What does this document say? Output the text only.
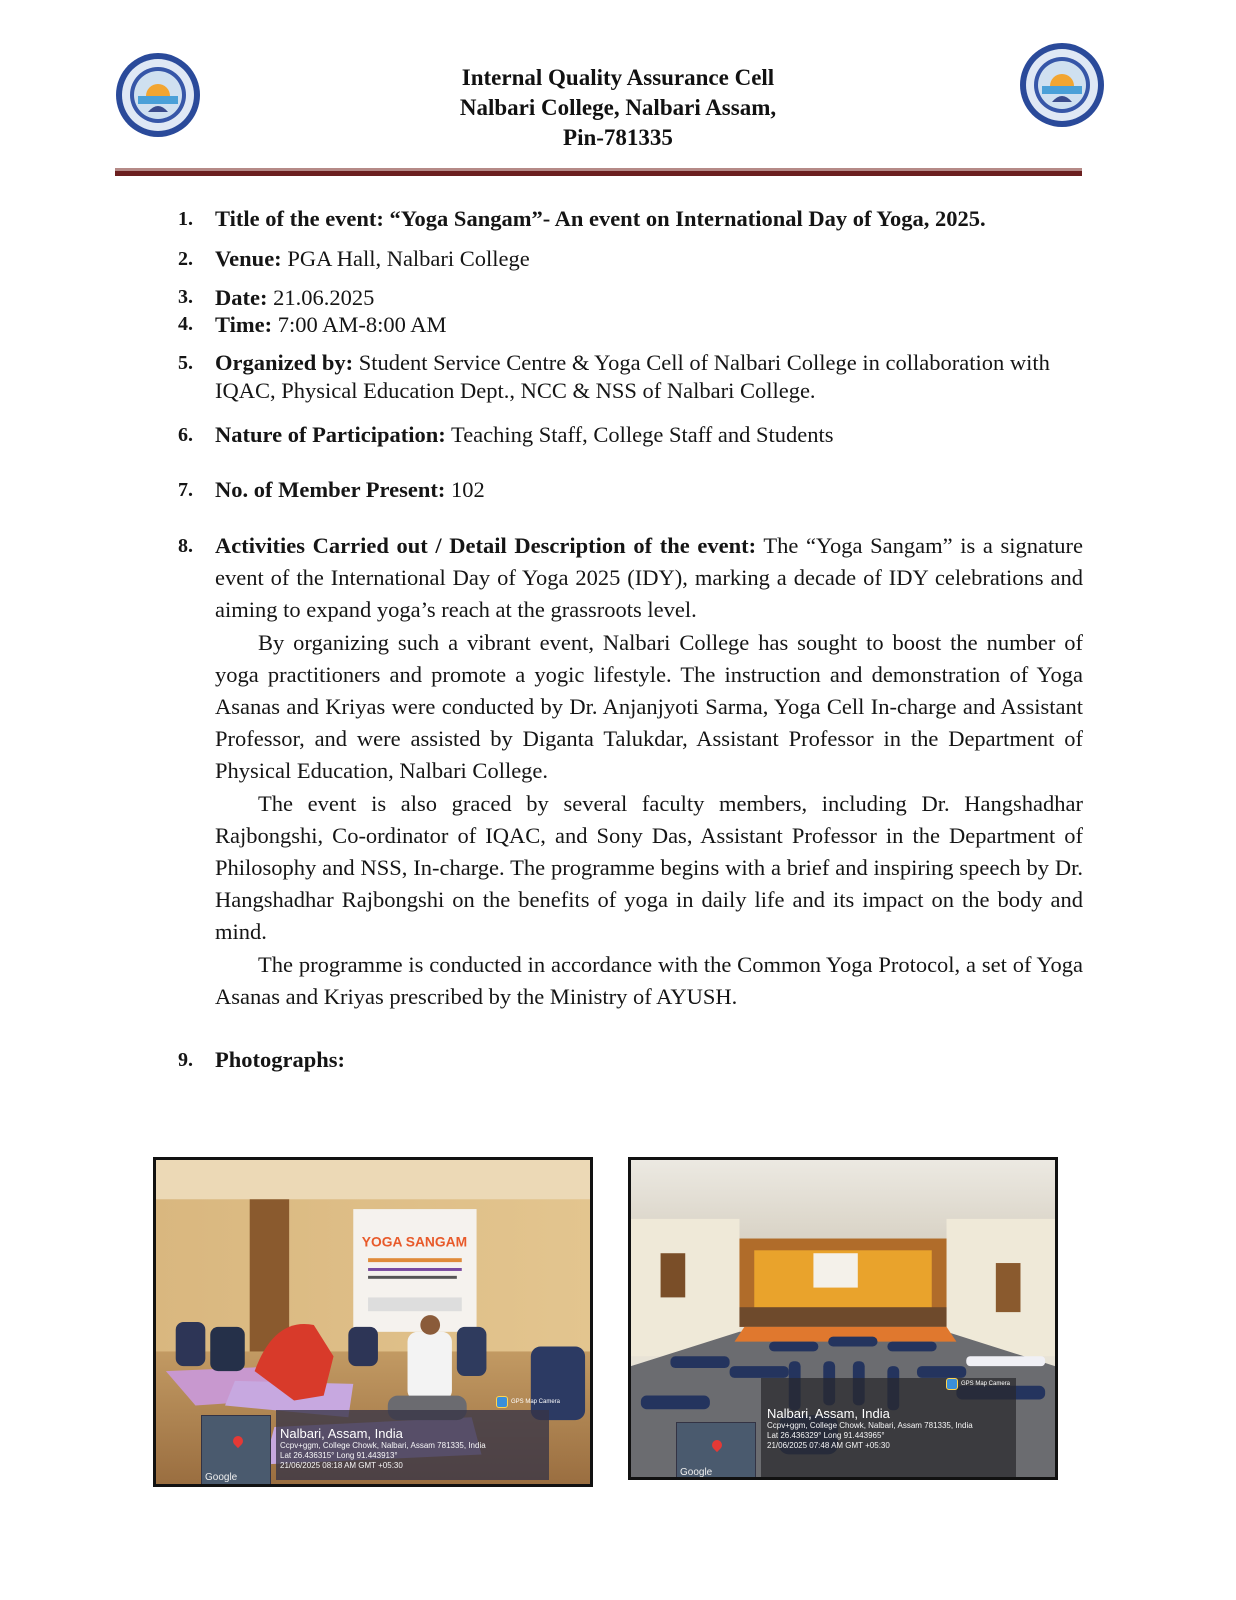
Internal Quality Assurance Cell
Nalbari College, Nalbari Assam,
Pin-781335
1. Title of the event: “Yoga Sangam”- An event on International Day of Yoga, 2025.
2. Venue: PGA Hall, Nalbari College
3. Date: 21.06.2025
4. Time: 7:00 AM-8:00 AM
5. Organized by: Student Service Centre & Yoga Cell of Nalbari College in collaboration with IQAC, Physical Education Dept., NCC & NSS of Nalbari College.
6. Nature of Participation: Teaching Staff, College Staff and Students
7. No. of Member Present: 102
8. Activities Carried out / Detail Description of the event: The “Yoga Sangam” is a signature event of the International Day of Yoga 2025 (IDY), marking a decade of IDY celebrations and aiming to expand yoga’s reach at the grassroots level.

By organizing such a vibrant event, Nalbari College has sought to boost the number of yoga practitioners and promote a yogic lifestyle. The instruction and demonstration of Yoga Asanas and Kriyas were conducted by Dr. Anjanjyoti Sarma, Yoga Cell In-charge and Assistant Professor, and were assisted by Diganta Talukdar, Assistant Professor in the Department of Physical Education, Nalbari College.

The event is also graced by several faculty members, including Dr. Hangshadhar Rajbongshi, Co-ordinator of IQAC, and Sony Das, Assistant Professor in the Department of Philosophy and NSS, In-charge. The programme begins with a brief and inspiring speech by Dr. Hangshadhar Rajbongshi on the benefits of yoga in daily life and its impact on the body and mind.

The programme is conducted in accordance with the Common Yoga Protocol, a set of Yoga Asanas and Kriyas prescribed by the Ministry of AYUSH.

9. Photographs:
YOGA SANGAM
Google
GPS Map Camera
Nalbari, Assam, India
Ccpv+ggm, College Chowk, Nalbari, Assam 781335, India
Lat 26.436315° Long 91.443913°
21/06/2025 08:18 AM GMT +05:30
Google
GPS Map Camera
Nalbari, Assam, India
Ccpv+ggm, College Chowk, Nalbari, Assam 781335, India
Lat 26.436329° Long 91.443965°
21/06/2025 07:48 AM GMT +05:30
